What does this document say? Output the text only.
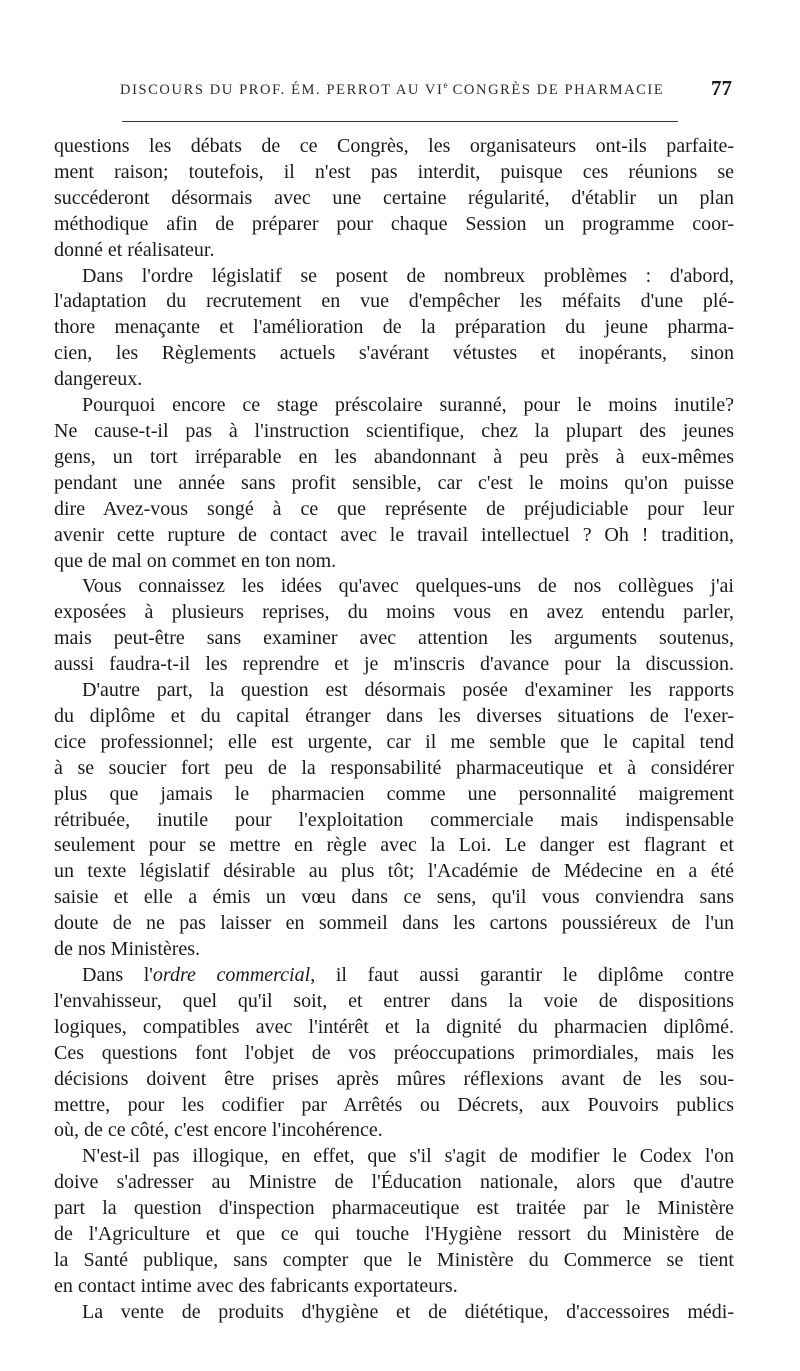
DISCOURS DU PROF. ÉM. PERROT AU VIe CONGRÈS DE PHARMACIE 77
questions les débats de ce Congrès, les organisateurs ont-ils parfaite-
ment raison; toutefois, il n'est pas interdit, puisque ces réunions se
succéderont désormais avec une certaine régularité, d'établir un plan
méthodique afin de préparer pour chaque Session un programme coor-
donné et réalisateur.
Dans l'ordre législatif se posent de nombreux problèmes : d'abord,
l'adaptation du recrutement en vue d'empêcher les méfaits d'une plé-
thore menaçante et l'amélioration de la préparation du jeune pharma-
cien, les Règlements actuels s'avérant vétustes et inopérants, sinon
dangereux.
Pourquoi encore ce stage préscolaire suranné, pour le moins inutile?
Ne cause-t-il pas à l'instruction scientifique, chez la plupart des jeunes
gens, un tort irréparable en les abandonnant à peu près à eux-mêmes
pendant une année sans profit sensible, car c'est le moins qu'on puisse
dire Avez-vous songé à ce que représente de préjudiciable pour leur
avenir cette rupture de contact avec le travail intellectuel ? Oh ! tradition,
que de mal on commet en ton nom.
Vous connaissez les idées qu'avec quelques-uns de nos collègues j'ai
exposées à plusieurs reprises, du moins vous en avez entendu parler,
mais peut-être sans examiner avec attention les arguments soutenus,
aussi faudra-t-il les reprendre et je m'inscris d'avance pour la discussion.
D'autre part, la question est désormais posée d'examiner les rapports
du diplôme et du capital étranger dans les diverses situations de l'exer-
cice professionnel; elle est urgente, car il me semble que le capital tend
à se soucier fort peu de la responsabilité pharmaceutique et à considérer
plus que jamais le pharmacien comme une personnalité maigrement
rétribuée, inutile pour l'exploitation commerciale mais indispensable
seulement pour se mettre en règle avec la Loi. Le danger est flagrant et
un texte législatif désirable au plus tôt; l'Académie de Médecine en a été
saisie et elle a émis un vœu dans ce sens, qu'il vous conviendra sans
doute de ne pas laisser en sommeil dans les cartons poussiéreux de l'un
de nos Ministères.
Dans l'ordre commercial, il faut aussi garantir le diplôme contre
l'envahisseur, quel qu'il soit, et entrer dans la voie de dispositions
logiques, compatibles avec l'intérêt et la dignité du pharmacien diplômé.
Ces questions font l'objet de vos préoccupations primordiales, mais les
décisions doivent être prises après mûres réflexions avant de les sou-
mettre, pour les codifier par Arrêtés ou Décrets, aux Pouvoirs publics
où, de ce côté, c'est encore l'incohérence.
N'est-il pas illogique, en effet, que s'il s'agit de modifier le Codex l'on
doive s'adresser au Ministre de l'Éducation nationale, alors que d'autre
part la question d'inspection pharmaceutique est traitée par le Ministère
de l'Agriculture et que ce qui touche l'Hygiène ressort du Ministère de
la Santé publique, sans compter que le Ministère du Commerce se tient
en contact intime avec des fabricants exportateurs.
La vente de produits d'hygiène et de diététique, d'accessoires médi-
